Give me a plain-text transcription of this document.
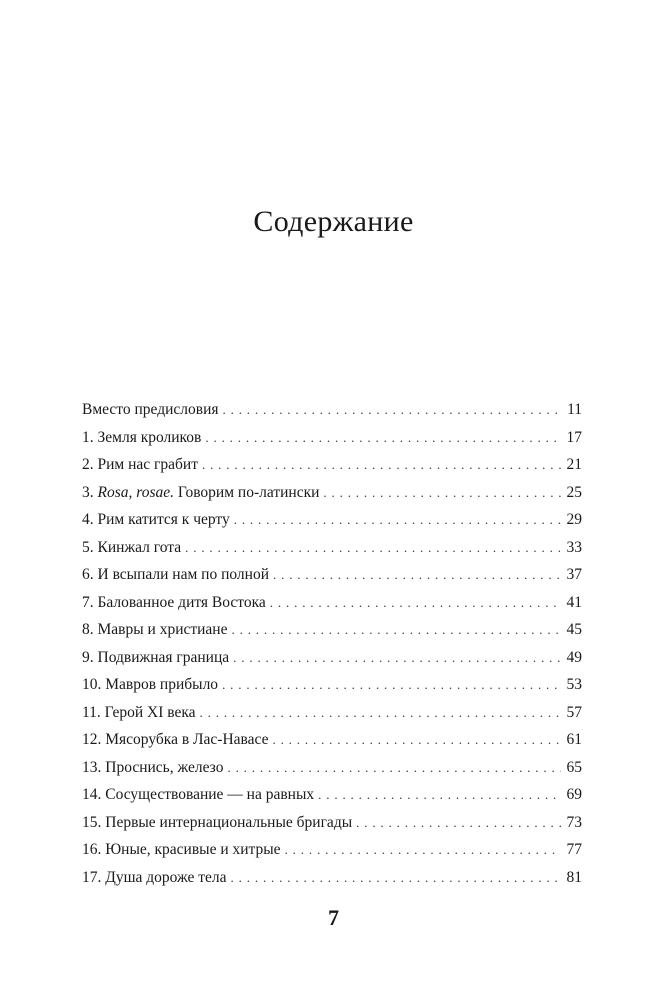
Содержание
Вместо предисловия . . .	11
1. Земля кроликов . . .	17
2. Рим нас грабит . . .	21
3. Rosa, rosae. Говорим по-латински . . .	25
4. Рим катится к черту . . .	29
5. Кинжал гота . . .	33
6. И всыпали нам по полной . . .	37
7. Балованное дитя Востока . . .	41
8. Мавры и христиане . . .	45
9. Подвижная граница . . .	49
10. Мавров прибыло . . .	53
11. Герой XI века . . .	57
12. Мясорубка в Лас-Навасе . . .	61
13. Проснись, железо . . .	65
14. Сосуществование — на равных . . .	69
15. Первые интернациональные бригады . . .	73
16. Юные, красивые и хитрые . . .	77
17. Душа дороже тела . . .	81
7
